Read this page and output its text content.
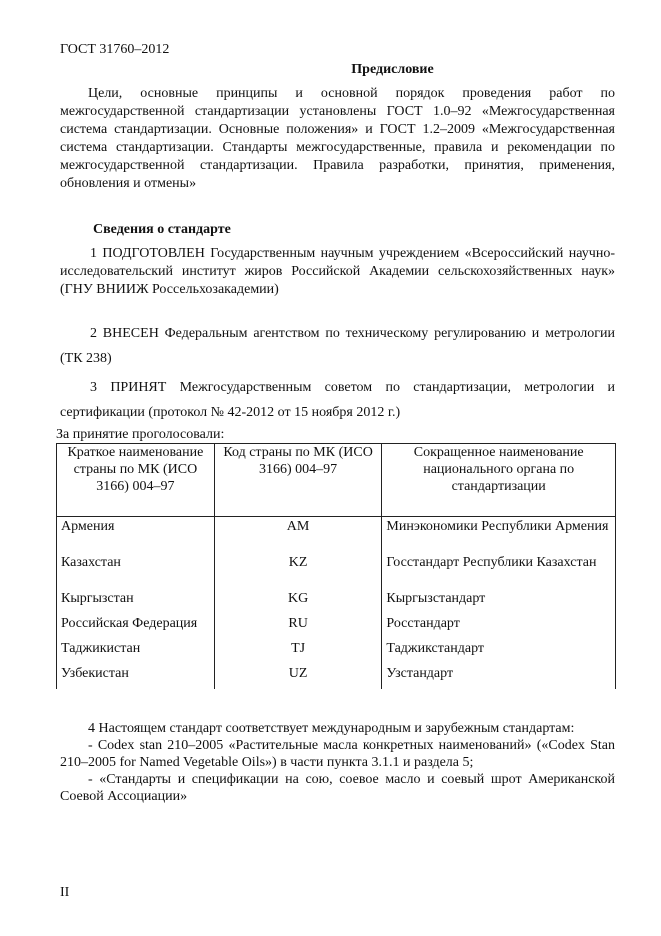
ГОСТ 31760–2012
Предисловие
Цели, основные принципы и основной порядок проведения работ по межгосударственной стандартизации установлены ГОСТ 1.0–92 «Межгосударственная система стандартизации. Основные положения» и ГОСТ 1.2–2009 «Межгосударственная система стандартизации. Стандарты межгосударственные, правила и рекомендации по межгосударственной стандартизации. Правила разработки, принятия, применения, обновления и отмены»
Сведения о стандарте
1 ПОДГОТОВЛЕН Государственным научным учреждением «Всероссийский научно-исследовательский институт жиров Российской Академии сельскохозяйственных наук» (ГНУ ВНИИЖ Россельхозакадемии)
2 ВНЕСЕН Федеральным агентством по техническому регулированию и метрологии (ТК 238)
3 ПРИНЯТ Межгосударственным советом по стандартизации, метрологии и сертификации (протокол № 42-2012 от 15 ноября 2012 г.)
За принятие проголосовали:
Краткое наименование страны по МК (ИСО 3166) 004–97	Код страны по МК (ИСО 3166) 004–97	Сокращенное наименование национального органа по стандартизации
Армения	AM	Минэкономики Республики Армения
Казахстан	KZ	Госстандарт Республики Казахстан
Кыргызстан	KG	Кыргызстандарт
Российская Федерация	RU	Росстандарт
Таджикистан	TJ	Таджикстандарт
Узбекистан	UZ	Узстандарт

4 Настоящем стандарт соответствует международным и зарубежным стандартам:

- Codex stan 210–2005 «Растительные масла конкретных наименований» («Codex Stan 210–2005 for Named Vegetable Oils») в части пункта 3.1.1 и раздела 5;

- «Стандарты и спецификации на сою, соевое масло и соевый шрот Американской Соевой Ассоциации»

II
